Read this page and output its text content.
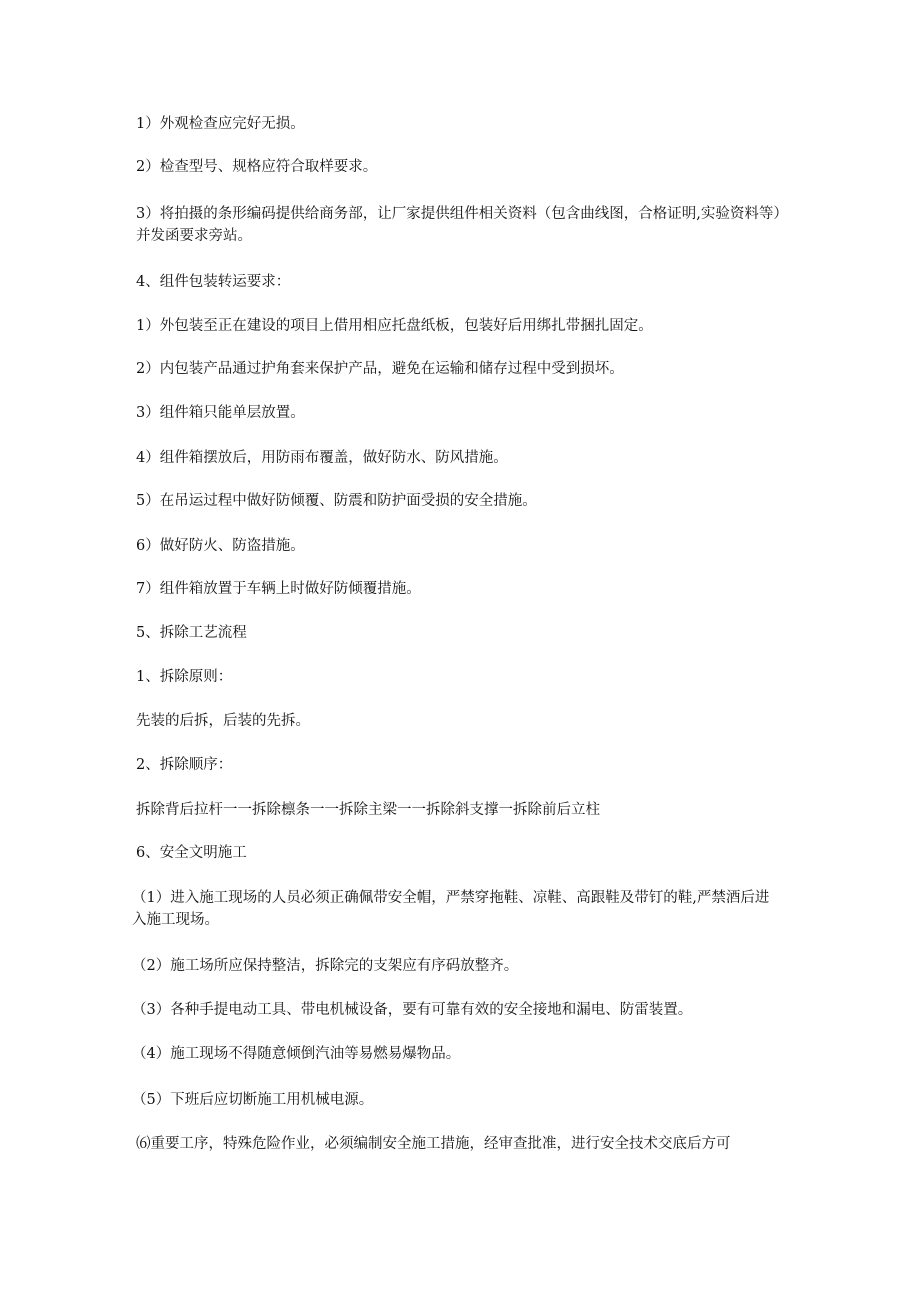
1）外观检查应完好无损。

2）检查型号、规格应符合取样要求。

3）将拍摄的条形编码提供给商务部，让厂家提供组件相关资料（包含曲线图，合格证明,实验资料等）并发函要求旁站。

4、组件包装转运要求：

1）外包装至正在建设的项目上借用相应托盘纸板，包装好后用绑扎带捆扎固定。

2）内包装产品通过护角套来保护产品，避免在运输和储存过程中受到损坏。

3）组件箱只能单层放置。

4）组件箱摆放后，用防雨布覆盖，做好防水、防风措施。

5）在吊运过程中做好防倾覆、防震和防护面受损的安全措施。

6）做好防火、防盗措施。

7）组件箱放置于车辆上时做好防倾覆措施。

5、拆除工艺流程

1、拆除原则：

先装的后拆，后装的先拆。

2、拆除顺序：

拆除背后拉杆一一拆除檩条一一拆除主梁一一拆除斜支撑一拆除前后立柱

6、安全文明施工

（1）进入施工现场的人员必须正确佩带安全帽，严禁穿拖鞋、凉鞋、高跟鞋及带钉的鞋,严禁酒后进入施工现场。

（2）施工场所应保持整洁，拆除完的支架应有序码放整齐。

（3）各种手提电动工具、带电机械设备，要有可靠有效的安全接地和漏电、防雷装置。

（4）施工现场不得随意倾倒汽油等易燃易爆物品。

（5）下班后应切断施工用机械电源。

⑹重要工序，特殊危险作业，必须编制安全施工措施，经审查批准，进行安全技术交底后方可
